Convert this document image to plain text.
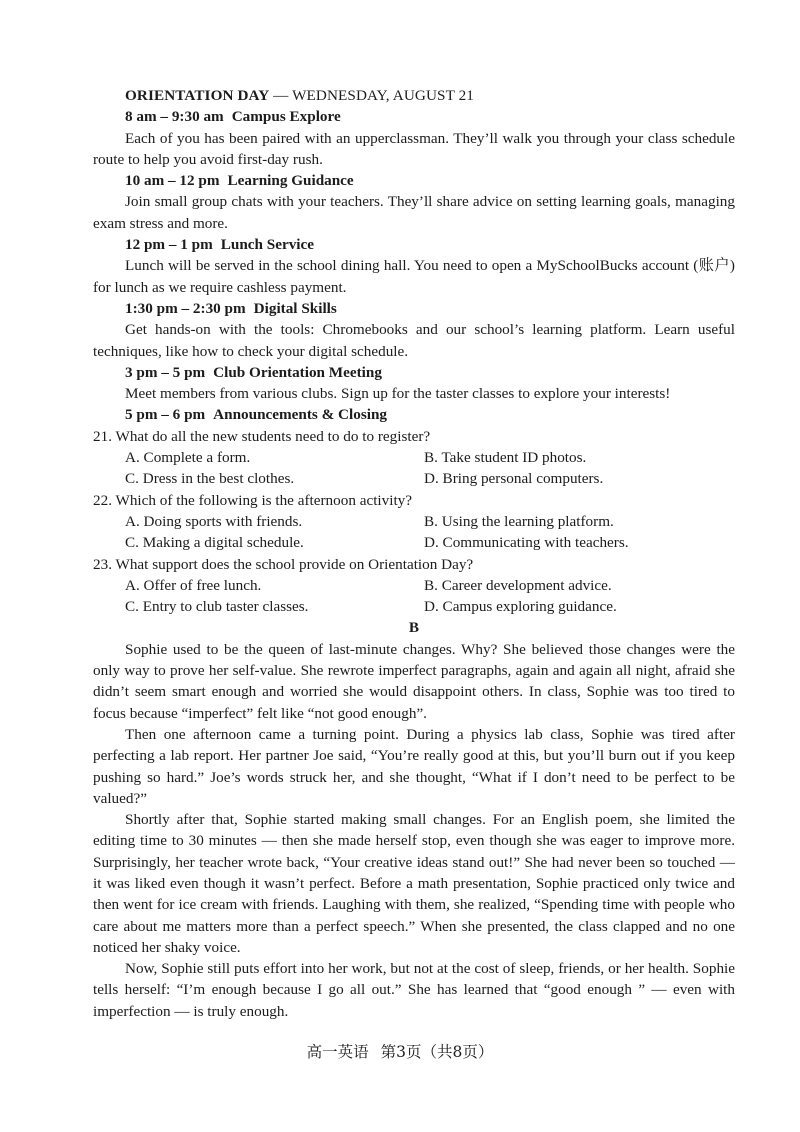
ORIENTATION DAY — WEDNESDAY, AUGUST 21
8 am – 9:30 am Campus Explore
Each of you has been paired with an upperclassman. They’ll walk you through your class schedule route to help you avoid first-day rush.
10 am – 12 pm Learning Guidance
Join small group chats with your teachers. They’ll share advice on setting learning goals, managing exam stress and more.
12 pm – 1 pm Lunch Service
Lunch will be served in the school dining hall. You need to open a MySchoolBucks account (账户) for lunch as we require cashless payment.
1:30 pm – 2:30 pm Digital Skills
Get hands-on with the tools: Chromebooks and our school’s learning platform. Learn useful techniques, like how to check your digital schedule.
3 pm – 5 pm Club Orientation Meeting
Meet members from various clubs. Sign up for the taster classes to explore your interests!
5 pm – 6 pm Announcements & Closing
21. What do all the new students need to do to register?
A. Complete a form.	B. Take student ID photos.
C. Dress in the best clothes.	D. Bring personal computers.
22. Which of the following is the afternoon activity?
A. Doing sports with friends.	B. Using the learning platform.
C. Making a digital schedule.	D. Communicating with teachers.
23. What support does the school provide on Orientation Day?
A. Offer of free lunch.	B. Career development advice.
C. Entry to club taster classes.	D. Campus exploring guidance.
B
Sophie used to be the queen of last-minute changes. Why? She believed those changes were the only way to prove her self-value. She rewrote imperfect paragraphs, again and again all night, afraid she didn’t seem smart enough and worried she would disappoint others. In class, Sophie was too tired to focus because “imperfect” felt like “not good enough”.
Then one afternoon came a turning point. During a physics lab class, Sophie was tired after perfecting a lab report. Her partner Joe said, “You’re really good at this, but you’ll burn out if you keep pushing so hard.” Joe’s words struck her, and she thought, “What if I don’t need to be perfect to be valued?”
Shortly after that, Sophie started making small changes. For an English poem, she limited the editing time to 30 minutes — then she made herself stop, even though she was eager to improve more. Surprisingly, her teacher wrote back, “Your creative ideas stand out!” She had never been so touched — it was liked even though it wasn’t perfect. Before a math presentation, Sophie practiced only twice and then went for ice cream with friends. Laughing with them, she realized, “Spending time with people who care about me matters more than a perfect speech.” When she presented, the class clapped and no one noticed her shaky voice.
Now, Sophie still puts effort into her work, but not at the cost of sleep, friends, or her health. Sophie tells herself: “I’m enough because I go all out.” She has learned that “good enough ” — even with imperfection — is truly enough.
高一英语 第3页（共8页）
